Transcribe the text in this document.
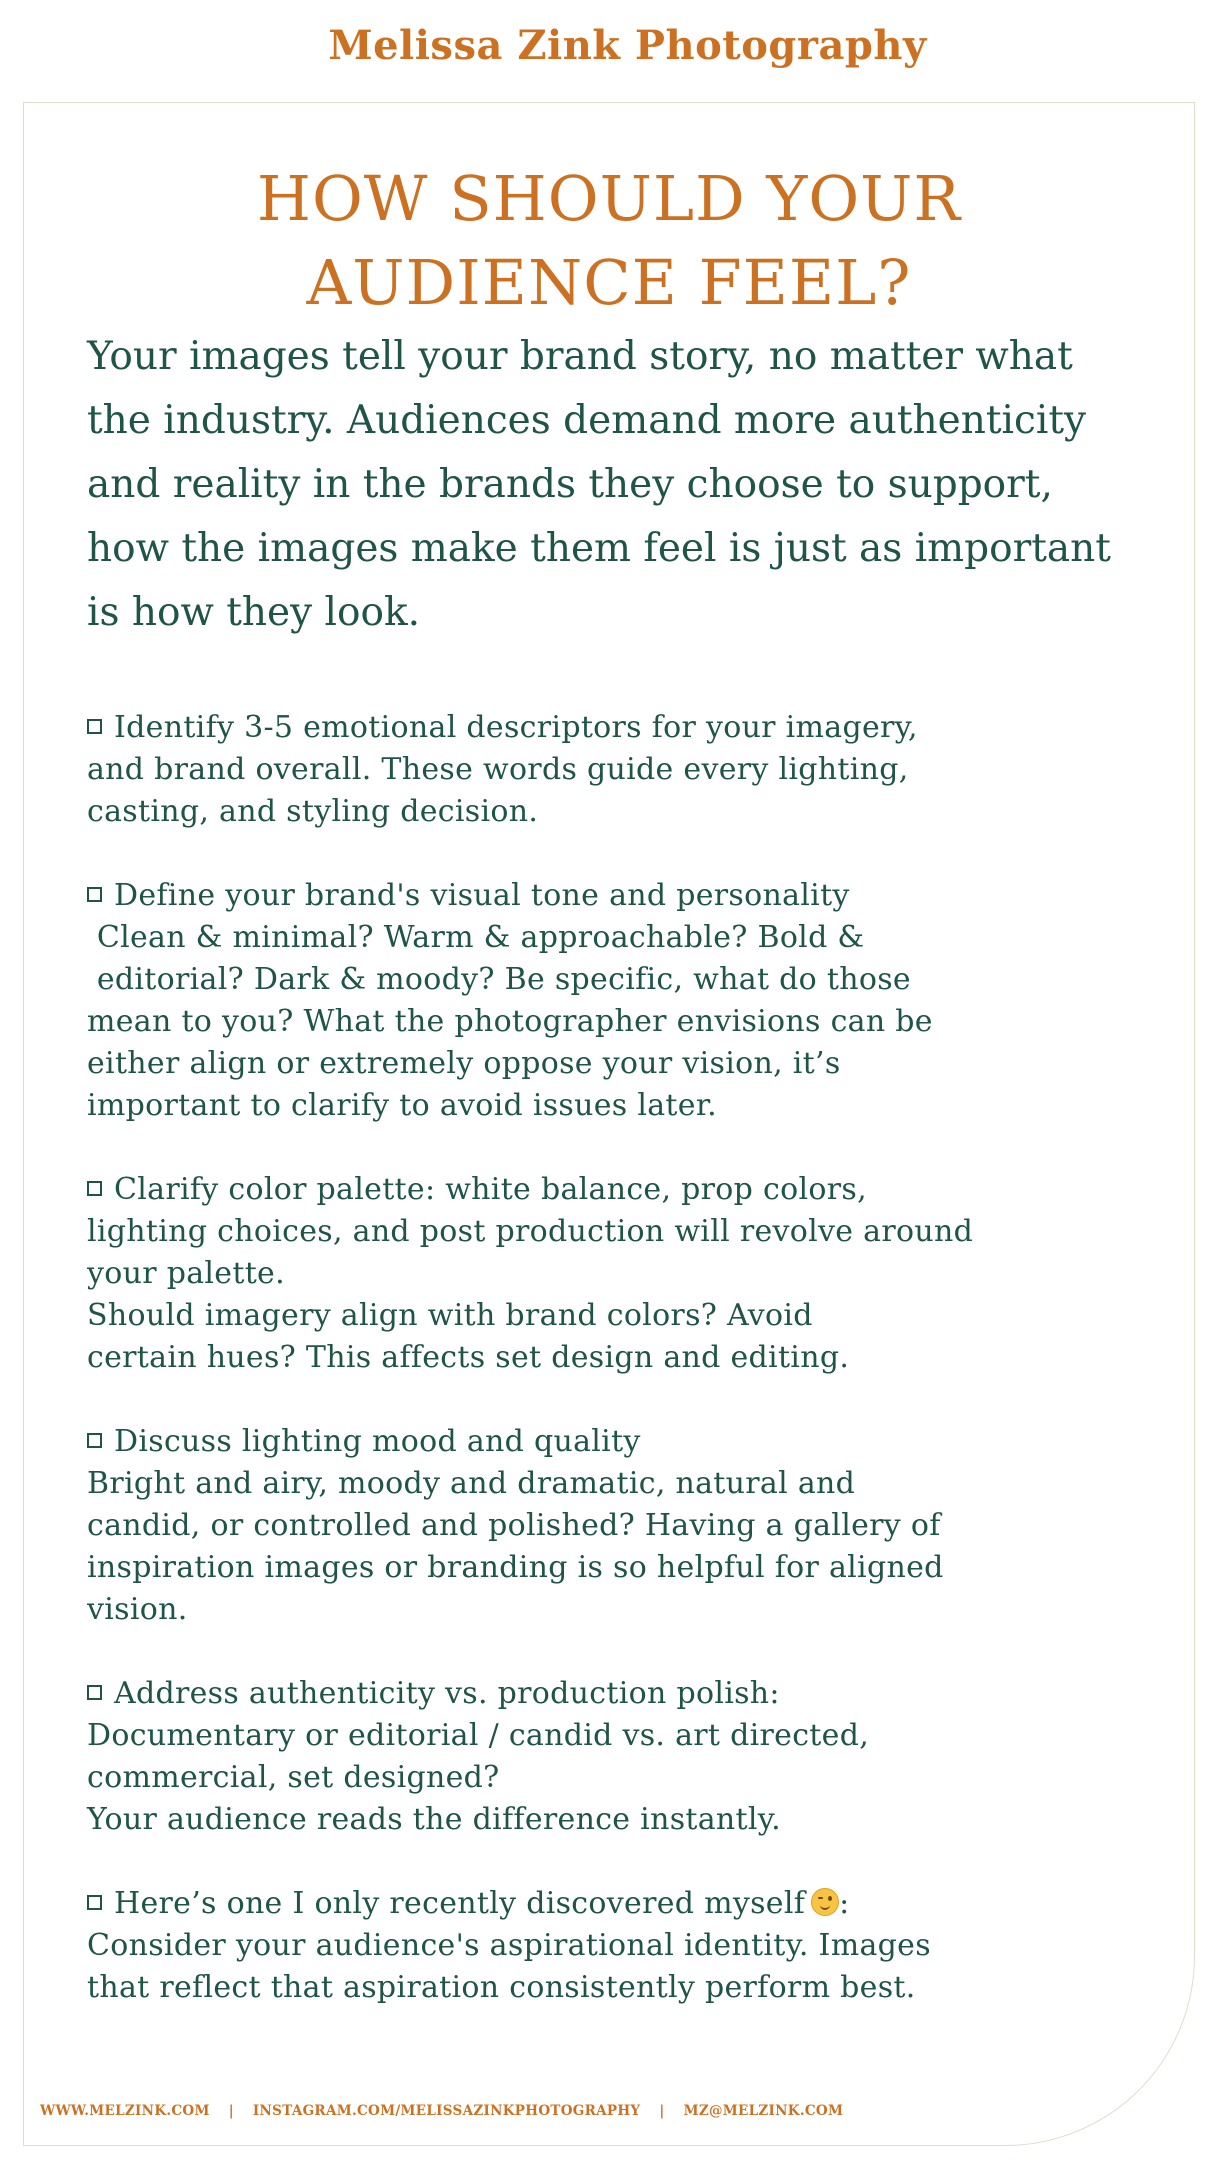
Melissa Zink Photography
HOW SHOULD YOUR
AUDIENCE FEEL?

Your images tell your brand story, no matter what the industry. Audiences demand more authenticity and reality in the brands they choose to support, how the images make them feel is just as important is how they look.

Identify 3-5 emotional descriptors for your imagery,
and brand overall. These words guide every lighting,
casting, and styling decision.
Define your brand's visual tone and personality
Clean & minimal? Warm & approachable? Bold &
editorial? Dark & moody? Be specific, what do those
mean to you? What the photographer envisions can be
either align or extremely oppose your vision, it’s
important to clarify to avoid issues later.
Clarify color palette: white balance, prop colors,
lighting choices, and post production will revolve around
your palette.
Should imagery align with brand colors? Avoid
certain hues? This affects set design and editing.
Discuss lighting mood and quality
Bright and airy, moody and dramatic, natural and
candid, or controlled and polished? Having a gallery of
inspiration images or branding is so helpful for aligned
vision.
Address authenticity vs. production polish:
Documentary or editorial / candid vs. art directed,
commercial, set designed?
Your audience reads the difference instantly.
Here’s one I only recently discovered myself :
Consider your audience's aspirational identity. Images
that reflect that aspiration consistently perform best.
WWW.MELZINK.COM | INSTAGRAM.COM/MELISSAZINKPHOTOGRAPHY | MZ@MELZINK.COM
